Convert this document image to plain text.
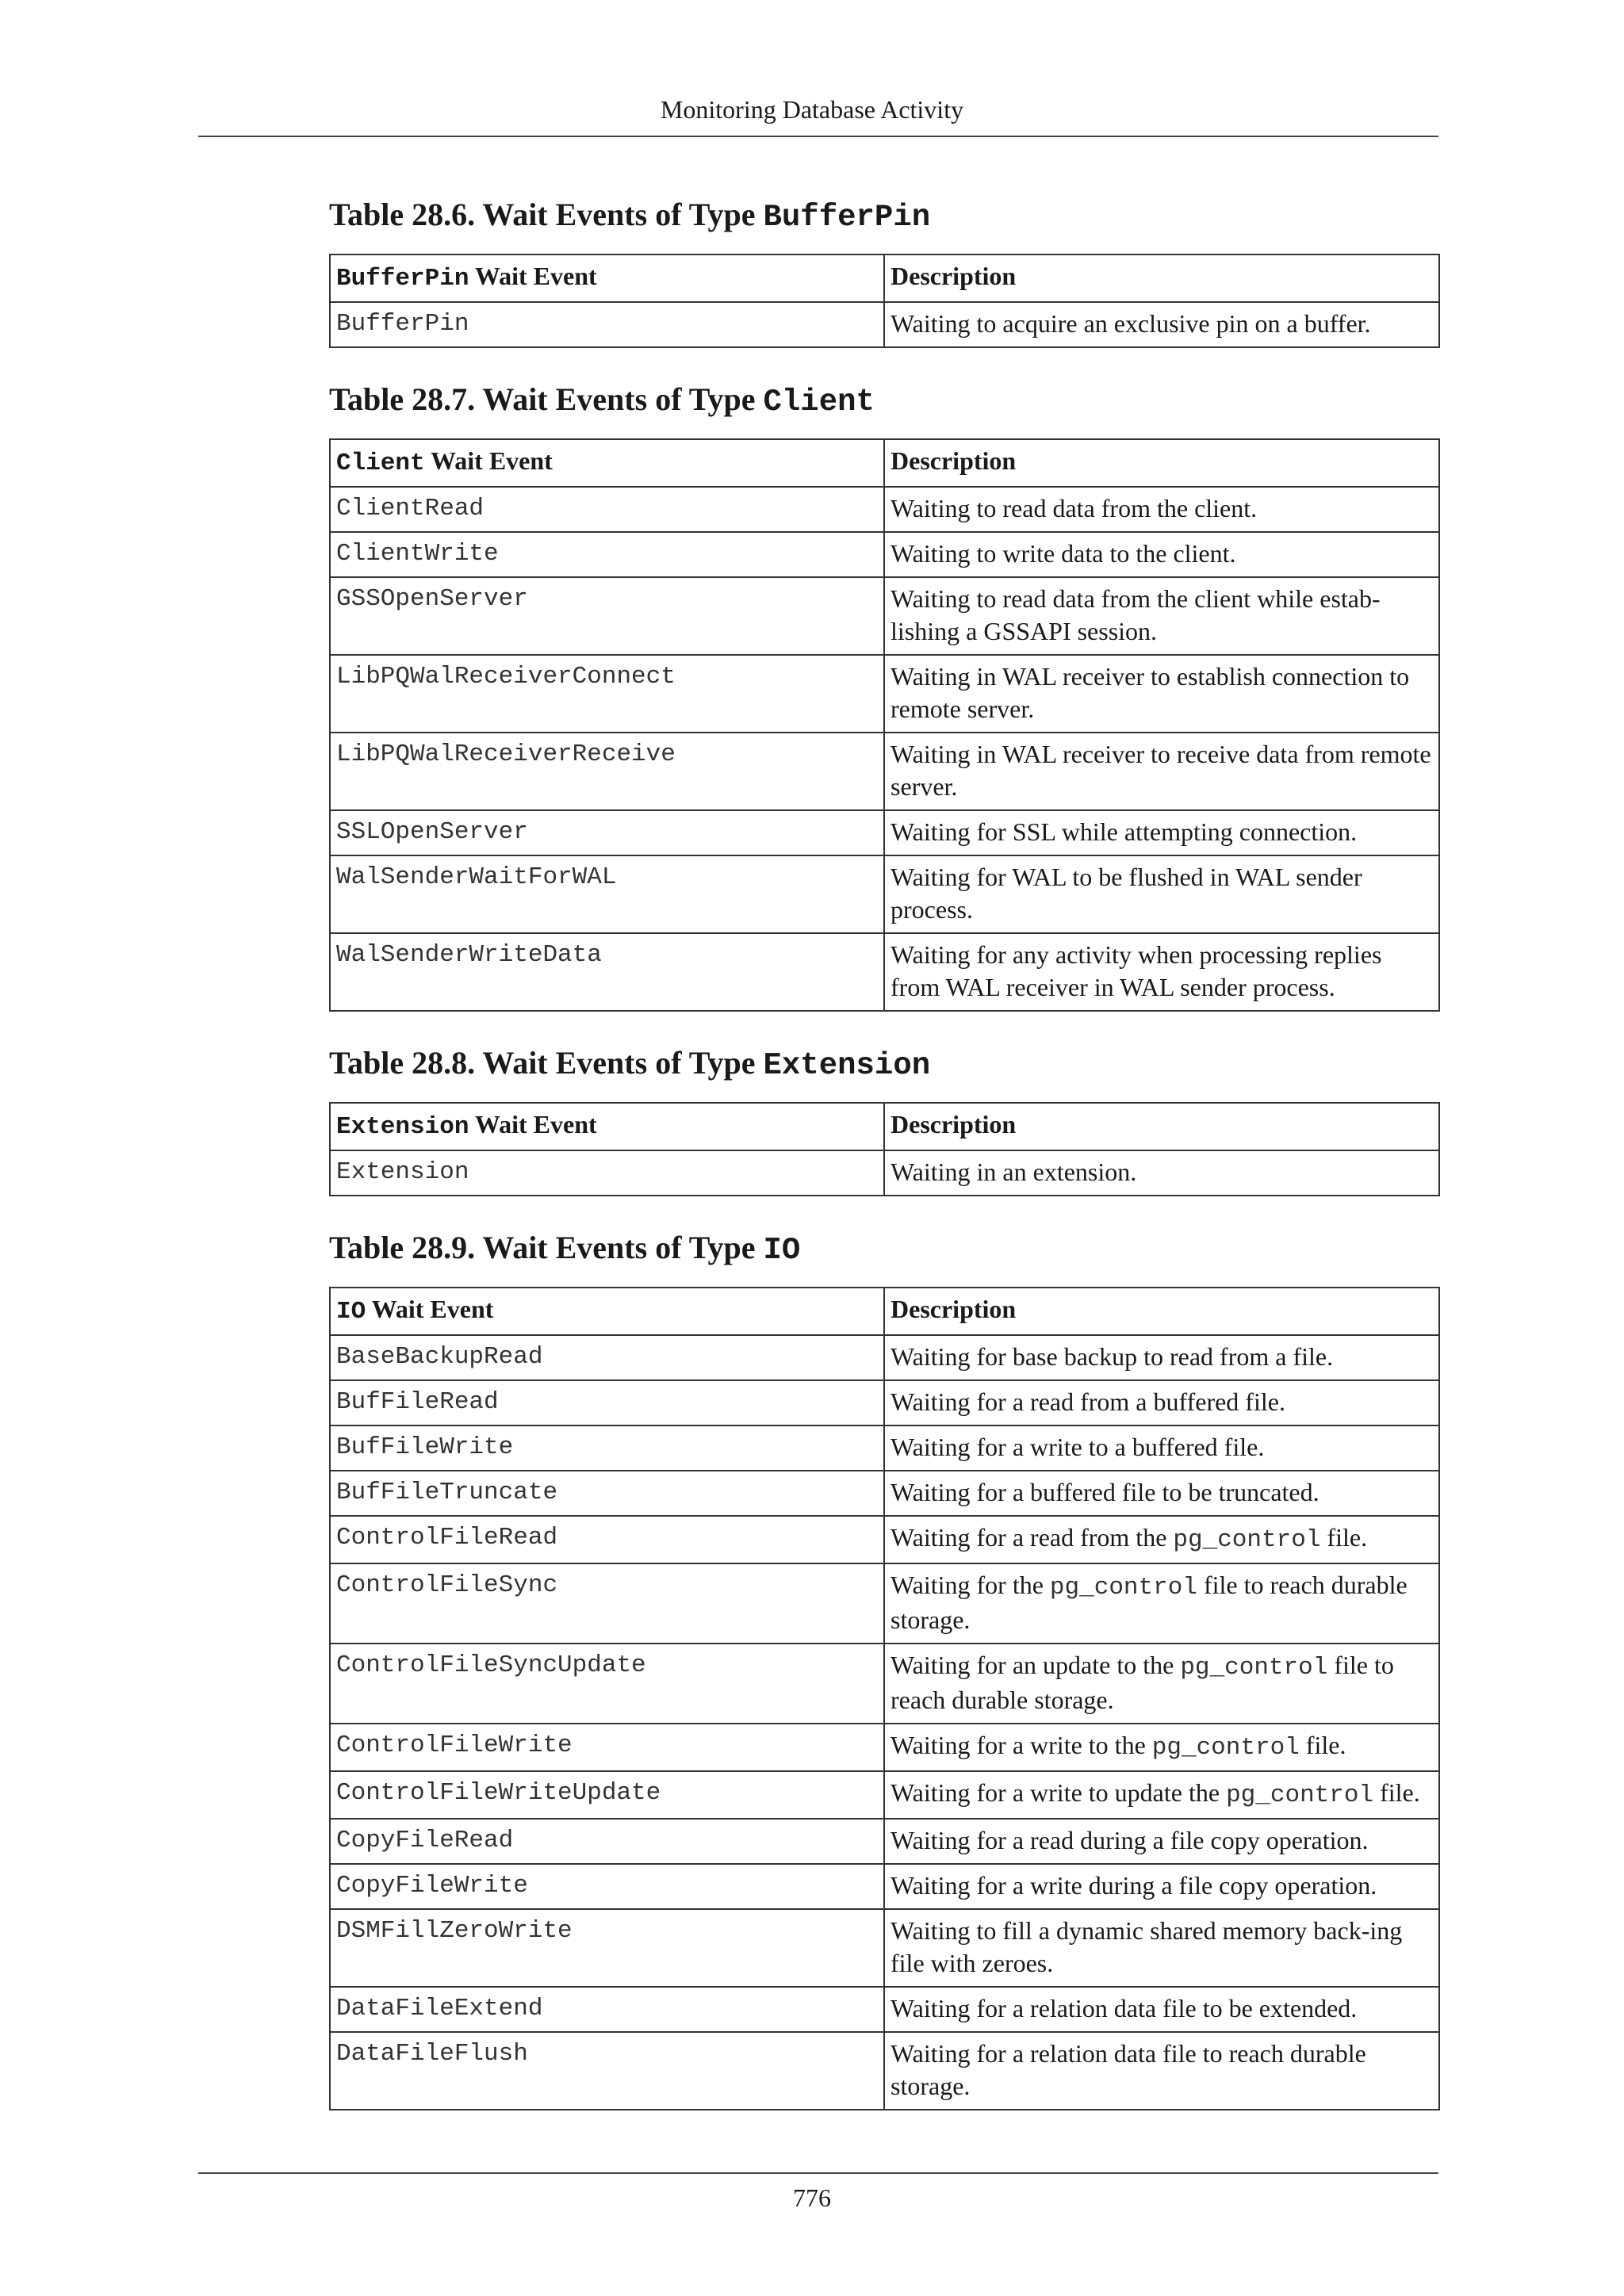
Monitoring Database Activity
Table 28.6. Wait Events of Type BufferPin
BufferPin Wait Event	Description
BufferPin	Waiting to acquire an exclusive pin on a buffer.
Table 28.7. Wait Events of Type Client
Client Wait Event	Description
ClientRead	Waiting to read data from the client.
ClientWrite	Waiting to write data to the client.
GSSOpenServer	Waiting to read data from the client while estab-lishing a GSSAPI session.
LibPQWalReceiverConnect	Waiting in WAL receiver to establish connection to remote server.
LibPQWalReceiverReceive	Waiting in WAL receiver to receive data from remote server.
SSLOpenServer	Waiting for SSL while attempting connection.
WalSenderWaitForWAL	Waiting for WAL to be flushed in WAL sender process.
WalSenderWriteData	Waiting for any activity when processing replies from WAL receiver in WAL sender process.
Table 28.8. Wait Events of Type Extension
Extension Wait Event	Description
Extension	Waiting in an extension.
Table 28.9. Wait Events of Type IO
IO Wait Event	Description
BaseBackupRead	Waiting for base backup to read from a file.
BufFileRead	Waiting for a read from a buffered file.
BufFileWrite	Waiting for a write to a buffered file.
BufFileTruncate	Waiting for a buffered file to be truncated.
ControlFileRead	Waiting for a read from the pg_control file.
ControlFileSync	Waiting for the pg_control file to reach durable storage.
ControlFileSyncUpdate	Waiting for an update to the pg_control file to reach durable storage.
ControlFileWrite	Waiting for a write to the pg_control file.
ControlFileWriteUpdate	Waiting for a write to update the pg_control file.
CopyFileRead	Waiting for a read during a file copy operation.
CopyFileWrite	Waiting for a write during a file copy operation.
DSMFillZeroWrite	Waiting to fill a dynamic shared memory back-ing file with zeroes.
DataFileExtend	Waiting for a relation data file to be extended.
DataFileFlush	Waiting for a relation data file to reach durable storage.
776
